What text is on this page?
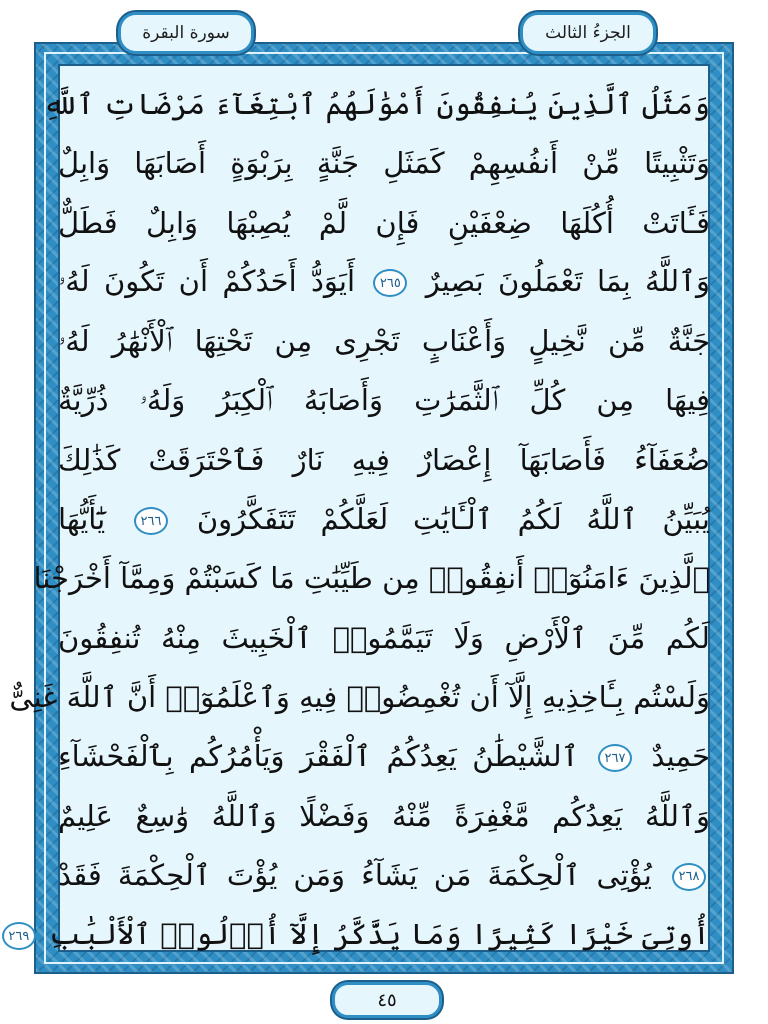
سورة البقرة	الجزءُ الثالث
وَمَثَلُ ٱلَّذِينَ يُنفِقُونَ أَمْوَٰلَهُمُ ٱبْتِغَآءَ مَرْضَاتِ ٱللَّهِ
وَتَثْبِيتًا مِّنْ أَنفُسِهِمْ كَمَثَلِ جَنَّةٍ بِرَبْوَةٍ أَصَابَهَا وَابِلٌ
فَـَٔاتَتْ أُكُلَهَا ضِعْفَيْنِ فَإِن لَّمْ يُصِبْهَا وَابِلٌ فَطَلٌّ
وَٱللَّهُ بِمَا تَعْمَلُونَ بَصِيرٌ ٢٦٥ أَيَوَدُّ أَحَدُكُمْ أَن تَكُونَ لَهُۥ
جَنَّةٌ مِّن نَّخِيلٍ وَأَعْنَابٍ تَجْرِى مِن تَحْتِهَا ٱلْأَنْهَٰرُ لَهُۥ
فِيهَا مِن كُلِّ ٱلثَّمَرَٰتِ وَأَصَابَهُ ٱلْكِبَرُ وَلَهُۥ ذُرِّيَّةٌ
ضُعَفَآءُ فَأَصَابَهَآ إِعْصَارٌ فِيهِ نَارٌ فَٱحْتَرَقَتْ كَذَٰلِكَ
يُبَيِّنُ ٱللَّهُ لَكُمُ ٱلْـَٔايَٰتِ لَعَلَّكُمْ تَتَفَكَّرُونَ ٢٦٦ يَٰٓأَيُّهَا
ٱلَّذِينَ ءَامَنُوٓا۟ أَنفِقُوا۟ مِن طَيِّبَٰتِ مَا كَسَبْتُمْ وَمِمَّآ أَخْرَجْنَا
لَكُم مِّنَ ٱلْأَرْضِ وَلَا تَيَمَّمُوا۟ ٱلْخَبِيثَ مِنْهُ تُنفِقُونَ
وَلَسْتُم بِـَٔاخِذِيهِ إِلَّآ أَن تُغْمِضُوا۟ فِيهِ وَٱعْلَمُوٓا۟ أَنَّ ٱللَّهَ غَنِىٌّ
حَمِيدٌ ٢٦٧ ٱلشَّيْطَٰنُ يَعِدُكُمُ ٱلْفَقْرَ وَيَأْمُرُكُم بِٱلْفَحْشَآءِ
وَٱللَّهُ يَعِدُكُم مَّغْفِرَةً مِّنْهُ وَفَضْلًا وَٱللَّهُ وَٰسِعٌ عَلِيمٌ
٢٦٨ يُؤْتِى ٱلْحِكْمَةَ مَن يَشَآءُ وَمَن يُؤْتَ ٱلْحِكْمَةَ فَقَدْ
أُوتِىَ خَيْرًا كَثِيرًا وَمَا يَذَّكَّرُ إِلَّآ أُو۟لُوا۟ ٱلْأَلْبَٰبِ ٢٦٩
٤٥
